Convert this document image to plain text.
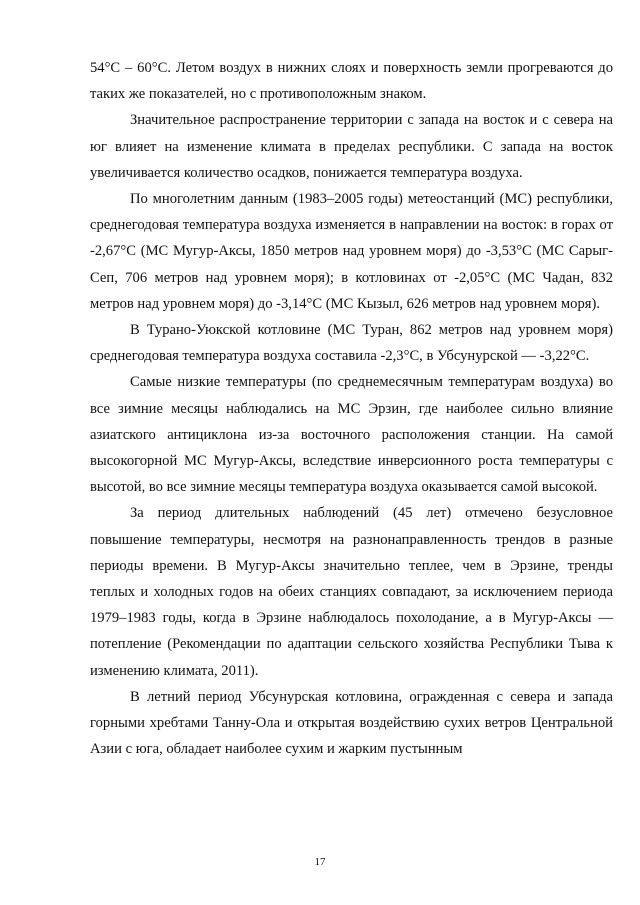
54°C – 60°C. Летом воздух в нижних слоях и поверхность земли прогреваются до таких же показателей, но с противоположным знаком.

Значительное распространение территории с запада на восток и с севера на юг влияет на изменение климата в пределах республики. С запада на восток увеличивается количество осадков, понижается температура воздуха.

По многолетним данным (1983–2005 годы) метеостанций (МС) республики, среднегодовая температура воздуха изменяется в направлении на восток: в горах от -2,67°C (МС Мугур-Аксы, 1850 метров над уровнем моря) до -3,53°C (МС Сарыг-Сеп, 706 метров над уровнем моря); в котловинах от -2,05°C (МС Чадан, 832 метров над уровнем моря) до -3,14°C (МС Кызыл, 626 метров над уровнем моря).

В Турано-Уюкской котловине (МС Туран, 862 метров над уровнем моря) среднегодовая температура воздуха составила -2,3°C, в Убсунурской — -3,22°C.

Самые низкие температуры (по среднемесячным температурам воздуха) во все зимние месяцы наблюдались на МС Эрзин, где наиболее сильно влияние азиатского антициклона из-за восточного расположения станции. На самой высокогорной МС Мугур-Аксы, вследствие инверсионного роста температуры с высотой, во все зимние месяцы температура воздуха оказывается самой высокой.

За период длительных наблюдений (45 лет) отмечено безусловное повышение температуры, несмотря на разнонаправленность трендов в разные периоды времени. В Мугур-Аксы значительно теплее, чем в Эрзине, тренды теплых и холодных годов на обеих станциях совпадают, за исключением периода 1979–1983 годы, когда в Эрзине наблюдалось похолодание, а в Мугур-Аксы — потепление (Рекомендации по адаптации сельского хозяйства Республики Тыва к изменению климата, 2011).

В летний период Убсунурская котловина, огражденная с севера и запада горными хребтами Танну-Ола и открытая воздействию сухих ветров Центральной Азии с юга, обладает наиболее сухим и жарким пустынным

17
